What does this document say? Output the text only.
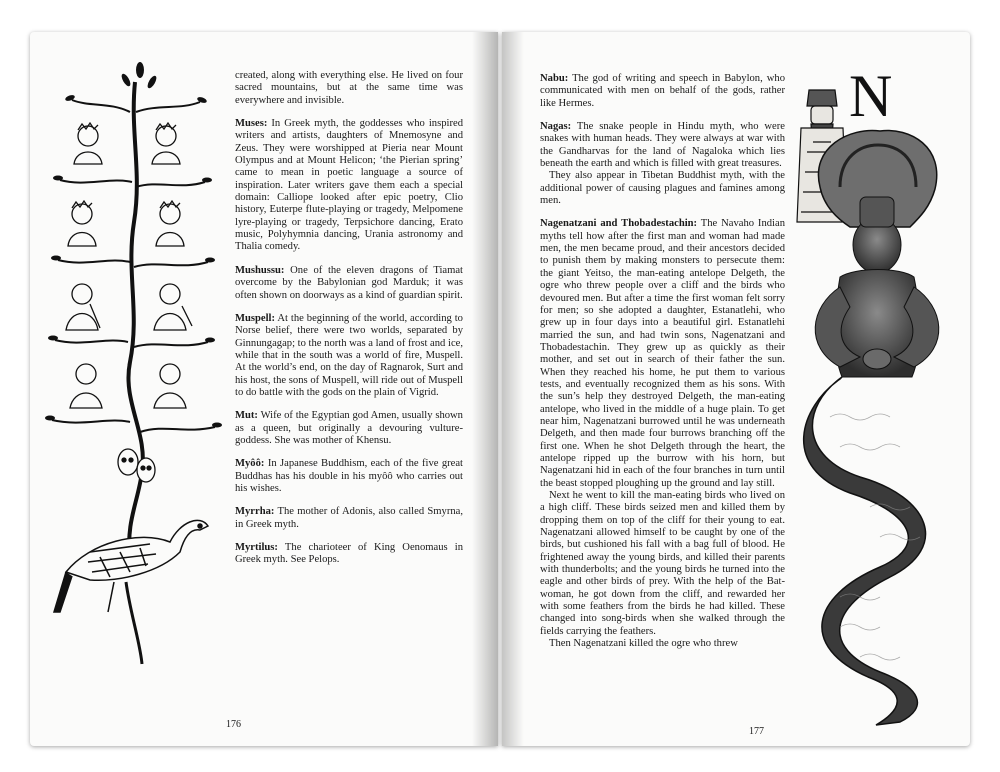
created, along with everything else. He lived on four sacred mountains, but at the same time was everywhere and invisible.

Muses: In Greek myth, the goddesses who inspired writers and artists, daughters of Mnemosyne and Zeus. They were worshipped at Pieria near Mount Olympus and at Mount Helicon; ‘the Pierian spring’ came to mean in poetic language a source of inspiration. Later writers gave them each a special domain: Calliope looked after epic poetry, Clio history, Euterpe flute-playing or tragedy, Melpomene lyre-playing or tragedy, Terpsichore dancing, Erato music, Polyhymnia dancing, Urania astronomy and Thalia comedy.

Mushussu: One of the eleven dragons of Tiamat overcome by the Babylonian god Marduk; it was often shown on doorways as a kind of guardian spirit.

Muspell: At the beginning of the world, according to Norse belief, there were two worlds, separated by Ginnungagap; to the north was a land of frost and ice, while that in the south was a world of fire, Muspell. At the world’s end, on the day of Ragnarok, Surt and his host, the sons of Muspell, will ride out of Muspell to do battle with the gods on the plain of Vigrid.

Mut: Wife of the Egyptian god Amen, usually shown as a queen, but originally a devouring vulture-goddess. She was mother of Khensu.

Myôô: In Japanese Buddhism, each of the five great Buddhas has his double in his myôô who carries out his wishes.

Myrrha: The mother of Adonis, also called Smyrna, in Greek myth.

Myrtilus: The charioteer of King Oenomaus in Greek myth. See Pelops.

176

Nabu: The god of writing and speech in Babylon, who communicated with men on behalf of the gods, rather like Hermes.

Nagas: The snake people in Hindu myth, who were snakes with human heads. They were always at war with the Gandharvas for the land of Nagaloka which lies beneath the earth and which is filled with great treasures.

They also appear in Tibetan Buddhist myth, with the additional power of causing plagues and famines among men.

Nagenatzani and Thobadestachin: The Navaho Indian myths tell how after the first man and woman had made men, the men became proud, and their ancestors decided to punish them by making monsters to persecute them: the giant Yeitso, the man-eating antelope Delgeth, the ogre who threw people over a cliff and the birds who devoured men. But after a time the first woman felt sorry for men; so she adopted a daughter, Estanatlehi, who grew up in four days into a beautiful girl. Estanatlehi married the sun, and had twin sons, Nagenatzani and Thobadestachin. They grew up as quickly as their mother, and set out in search of their father the sun. When they reached his home, he put them to various tests, and eventually recognized them as his sons. With the sun’s help they destroyed Delgeth, the man-eating antelope, who lived in the middle of a huge plain. To get near him, Nagenatzani burrowed until he was underneath Delgeth, and then made four burrows branching off the first one. When he shot Delgeth through the heart, the antelope ripped up the burrow with his horn, but Nagenatzani hid in each of the four branches in turn until the beast stopped ploughing up the ground and lay still.

Next he went to kill the man-eating birds who lived on a high cliff. These birds seized men and killed them by dropping them on top of the cliff for their young to eat. Nagenatzani allowed himself to be caught by one of the birds, but cushioned his fall with a bag full of blood. He frightened away the young birds, and killed their parents with thunderbolts; and the young birds he turned into the eagle and other birds of prey. With the help of the Bat-woman, he got down from the cliff, and rewarded her with some feathers from the birds he had killed. These changed into song-birds when she walked through the fields carrying the feathers.

Then Nagenatzani killed the ogre who threw

N
177
